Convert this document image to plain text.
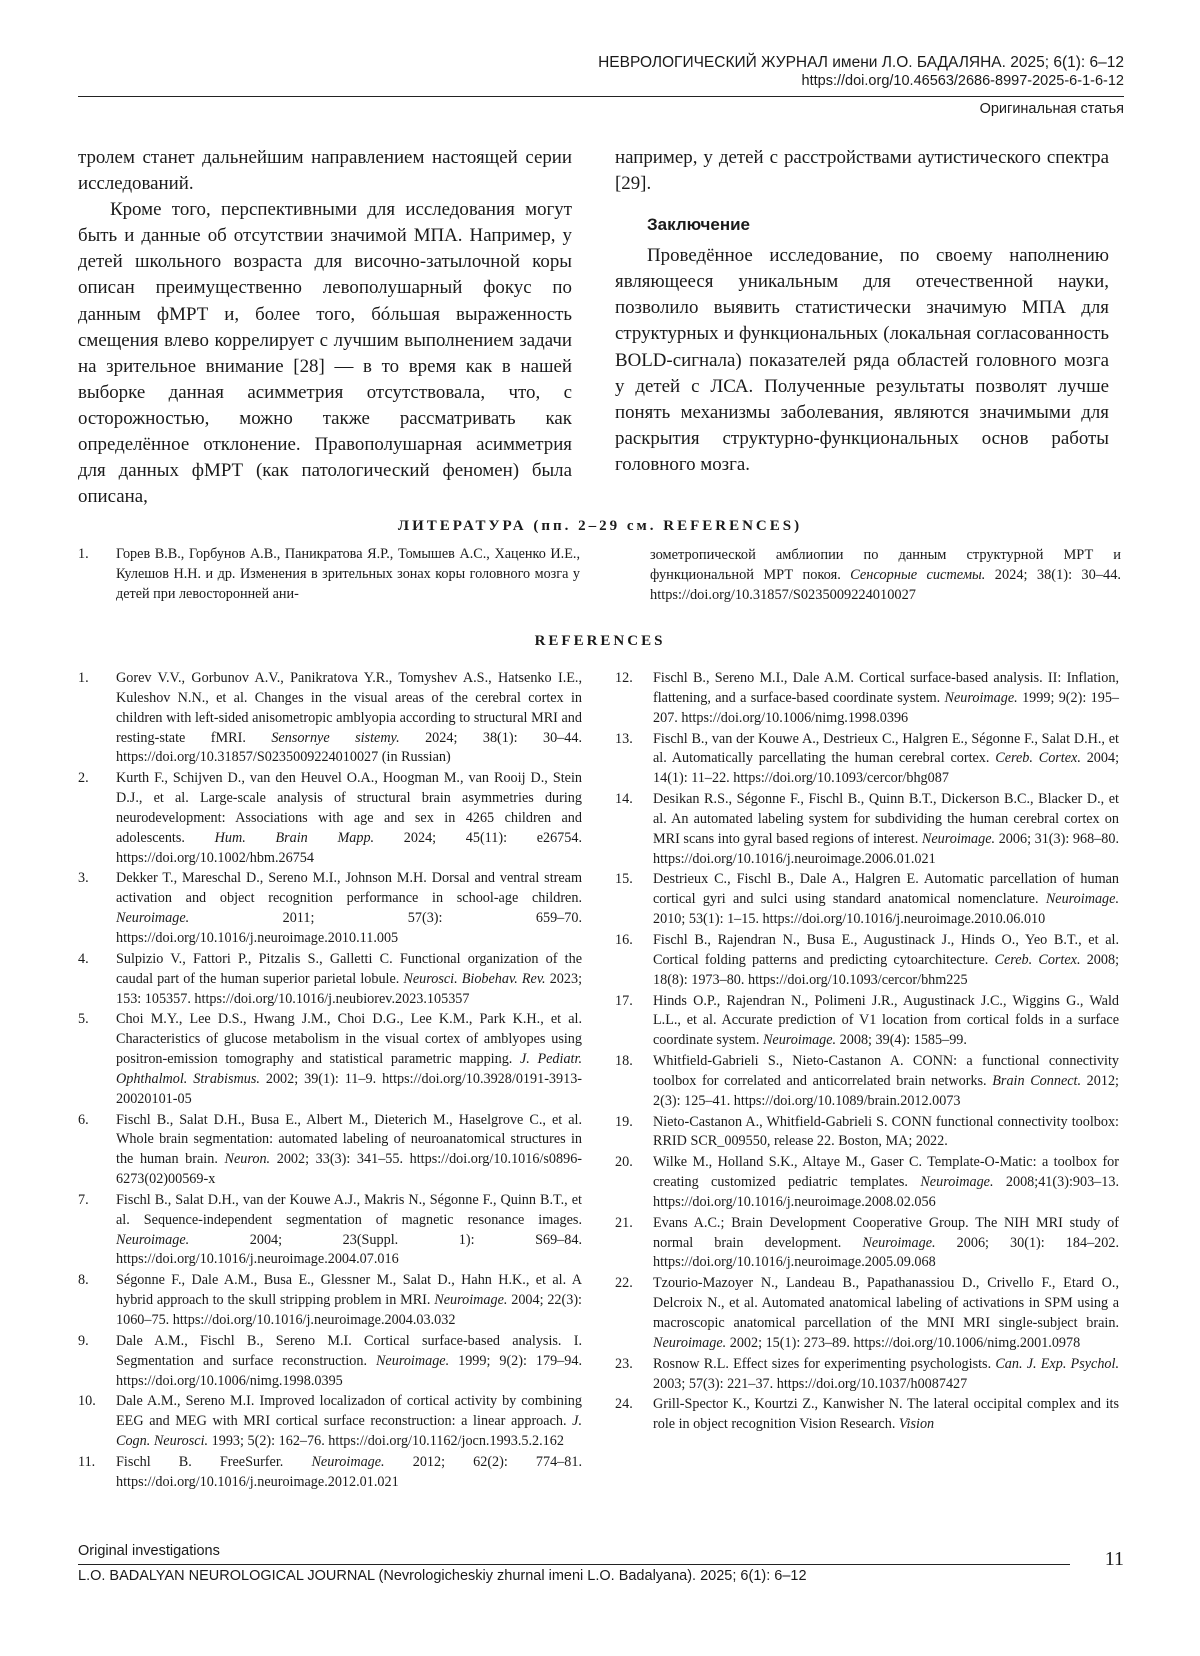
НЕВРОЛОГИЧЕСКИЙ ЖУРНАЛ имени Л.О. БАДАЛЯНА. 2025; 6(1): 6–12
https://doi.org/10.46563/2686-8997-2025-6-1-6-12
Оригинальная статья

тролем станет дальнейшим направлением настоящей серии исследований.

Кроме того, перспективными для исследования могут быть и данные об отсутствии значимой МПА. Например, у детей школьного возраста для височно-затылочной коры описан преимущественно левополушарный фокус по данным фМРТ и, более того, бóльшая выраженность смещения влево коррелирует с лучшим выполнением задачи на зрительное внимание [28] — в то время как в нашей выборке данная асимметрия отсутствовала, что, с осторожностью, можно также рассматривать как определённое отклонение. Правополушарная асимметрия для данных фМРТ (как патологический феномен) была описана,

например, у детей с расстройствами аутистического спектра [29].

Заключение

Проведённое исследование, по своему наполнению являющееся уникальным для отечественной науки, позволило выявить статистически значимую МПА для структурных и функциональных (локальная согласованность BOLD-сигнала) показателей ряда областей головного мозга у детей с ЛСА. Полученные результаты позволят лучше понять механизмы заболевания, являются значимыми для раскрытия структурно-функциональных основ работы головного мозга.

ЛИТЕРАТУРА (пп. 2–29 см. REFERENCES)
1.	Горев В.В., Горбунов А.В., Паникратова Я.Р., Томышев А.С., Хаценко И.Е., Кулешов Н.Н. и др. Изменения в зрительных зонах коры головного мозга у детей при левосторонней ани-
зометропической амблиопии по данным структурной МРТ и функциональной МРТ покоя. Сенсорные системы. 2024; 38(1): 30–44. https://doi.org/10.31857/S0235009224010027
REFERENCES
1.	Gorev V.V., Gorbunov A.V., Panikratova Y.R., Tomyshev A.S., Hatsenko I.E., Kuleshov N.N., et al. Changes in the visual areas of the cerebral cortex in children with left-sided anisometropic amblyopia according to structural MRI and resting-state fMRI. Sensornye sistemy. 2024; 38(1): 30–44. https://doi.org/10.31857/S0235009224010027 (in Russian)
2.	Kurth F., Schijven D., van den Heuvel O.A., Hoogman M., van Rooij D., Stein D.J., et al. Large-scale analysis of structural brain asymmetries during neurodevelopment: Associations with age and sex in 4265 children and adolescents. Hum. Brain Mapp. 2024; 45(11): e26754. https://doi.org/10.1002/hbm.26754
3.	Dekker T., Mareschal D., Sereno M.I., Johnson M.H. Dorsal and ventral stream activation and object recognition performance in school-age children. Neuroimage.	2011; 57(3): 659–70. https://doi.org/10.1016/j.neuroimage.2010.11.005
4.	Sulpizio V., Fattori P., Pitzalis S., Galletti C. Functional organization of the caudal part of the human superior parietal lobule. Neurosci. Biobehav. Rev. 2023; 153: 105357. https://doi.org/10.1016/j.neubiorev.2023.105357
5.	Choi M.Y., Lee D.S., Hwang J.M., Choi D.G., Lee K.M., Park K.H., et al. Characteristics of glucose metabolism in the visual cortex of amblyopes using positron-emission tomography and statistical parametric mapping. J. Pediatr. Ophthalmol. Strabismus. 2002; 39(1): 11–9. https://doi.org/10.3928/0191-3913-20020101-05
6.	Fischl B., Salat D.H., Busa E., Albert M., Dieterich M., Haselgrove C., et al. Whole brain segmentation: automated labeling of neuroanatomical structures in the human brain. Neuron. 2002; 33(3): 341–55. https://doi.org/10.1016/s0896-6273(02)00569-x
7.	Fischl B., Salat D.H., van der Kouwe A.J., Makris N., Ségonne F., Quinn B.T., et al. Sequence-independent segmentation of magnetic resonance images. Neuroimage.	2004; 23(Suppl. 1): S69–84. https://doi.org/10.1016/j.neuroimage.2004.07.016
8.	Ségonne F., Dale A.M., Busa E., Glessner M., Salat D., Hahn H.K., et al. A hybrid approach to the skull stripping problem in MRI. Neuroimage. 2004; 22(3): 1060–75. https://doi.org/10.1016/j.neuroimage.2004.03.032
9.	Dale A.M., Fischl B., Sereno M.I. Cortical surface-based analysis. I. Segmentation and surface reconstruction. Neuroimage. 1999; 9(2): 179–94. https://doi.org/10.1006/nimg.1998.0395
10.	Dale A.M., Sereno M.I. Improved localizadon of cortical activity by combining EEG and MEG with MRI cortical surface reconstruction: a linear approach. J. Cogn. Neurosci. 1993; 5(2): 162–76. https://doi.org/10.1162/jocn.1993.5.2.162
11.	Fischl B. FreeSurfer. Neuroimage. 2012; 62(2): 774–81. https://doi.org/10.1016/j.neuroimage.2012.01.021
12.	Fischl B., Sereno M.I., Dale A.M. Cortical surface-based analysis. II: Inflation, flattening, and a surface-based coordinate system. Neuroimage. 1999; 9(2): 195–207. https://doi.org/10.1006/nimg.1998.0396
13.	Fischl B., van der Kouwe A., Destrieux C., Halgren E., Ségonne F., Salat D.H., et al. Automatically parcellating the human cerebral cortex. Cereb. Cortex. 2004; 14(1): 11–22. https://doi.org/10.1093/cercor/bhg087
14.	Desikan R.S., Ségonne F., Fischl B., Quinn B.T., Dickerson B.C., Blacker D., et al. An automated labeling system for subdividing the human cerebral cortex on MRI scans into gyral based regions of interest. Neuroimage. 2006; 31(3): 968–80. https://doi.org/10.1016/j.neuroimage.2006.01.021
15.	Destrieux C., Fischl B., Dale A., Halgren E. Automatic parcellation of human cortical gyri and sulci using standard anatomical nomenclature. Neuroimage. 2010; 53(1): 1–15. https://doi.org/10.1016/j.neuroimage.2010.06.010
16.	Fischl B., Rajendran N., Busa E., Augustinack J., Hinds O., Yeo B.T., et al. Cortical folding patterns and predicting cytoarchitecture. Cereb. Cortex. 2008; 18(8): 1973–80. https://doi.org/10.1093/cercor/bhm225
17.	Hinds O.P., Rajendran N., Polimeni J.R., Augustinack J.C., Wiggins G., Wald L.L., et al. Accurate prediction of V1 location from cortical folds in a surface coordinate system. Neuroimage. 2008; 39(4): 1585–99.
18.	Whitfield-Gabrieli S., Nieto-Castanon A. CONN: a functional connectivity toolbox for correlated and anticorrelated brain networks. Brain Connect. 2012; 2(3): 125–41. https://doi.org/10.1089/brain.2012.0073
19.	Nieto-Castanon A., Whitfield-Gabrieli S. CONN functional connectivity toolbox: RRID SCR_009550, release 22. Boston, MA; 2022.
20.	Wilke M., Holland S.K., Altaye M., Gaser C. Template-O-Matic: a toolbox for creating customized pediatric templates. Neuroimage. 2008;41(3):903–13. https://doi.org/10.1016/j.neuroimage.2008.02.056
21.	Evans A.C.; Brain Development Cooperative Group. The NIH MRI study of normal brain development. Neuroimage. 2006; 30(1): 184–202. https://doi.org/10.1016/j.neuroimage.2005.09.068
22.	Tzourio-Mazoyer N., Landeau B., Papathanassiou D., Crivello F., Etard O., Delcroix N., et al. Automated anatomical labeling of activations in SPM using a macroscopic anatomical parcellation of the MNI MRI single-subject brain. Neuroimage. 2002; 15(1): 273–89. https://doi.org/10.1006/nimg.2001.0978
23.	Rosnow R.L. Effect sizes for experimenting psychologists. Can. J. Exp. Psychol. 2003; 57(3): 221–37. https://doi.org/10.1037/h0087427
24.	Grill-Spector K., Kourtzi Z., Kanwisher N. The lateral occipital complex and its role in object recognition Vision Research. Vision
Original investigations	11
L.O. BADALYAN NEUROLOGICAL JOURNAL (Nevrologicheskiy zhurnal imeni L.O. Badalyana). 2025; 6(1): 6–12
